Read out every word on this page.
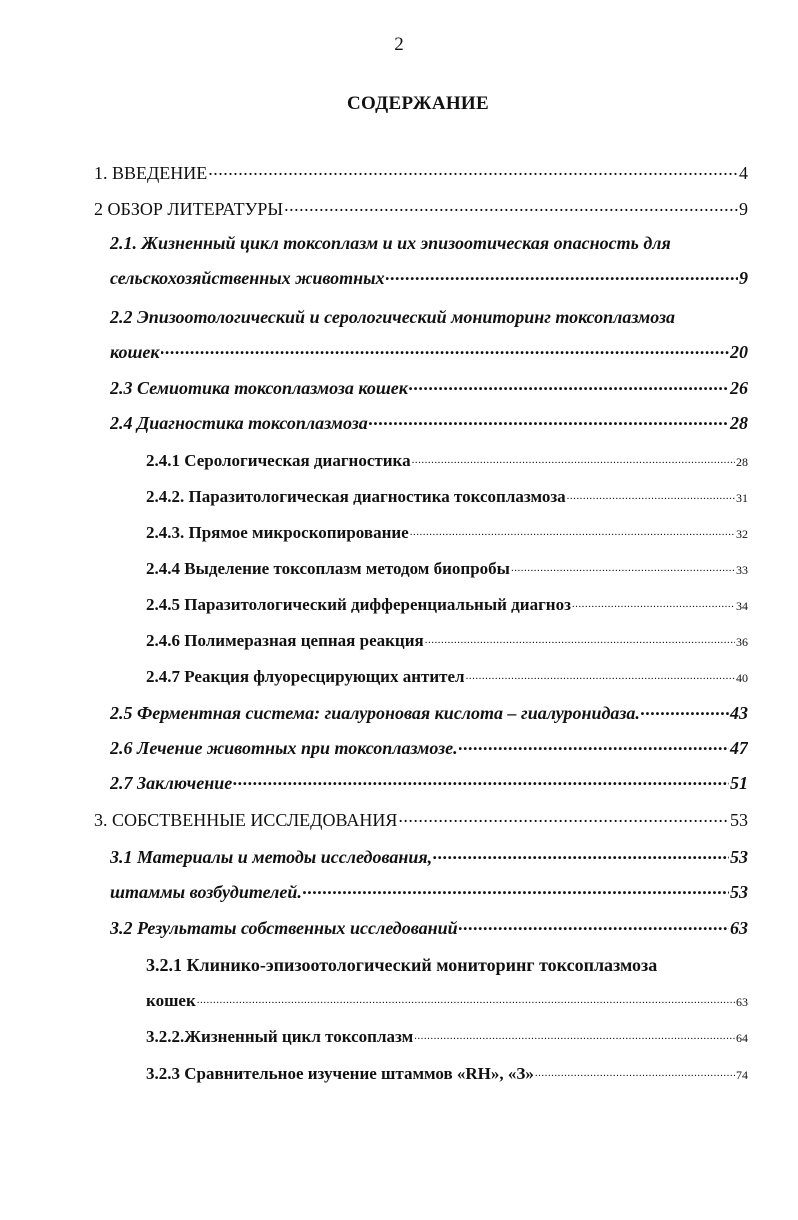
2
СОДЕРЖАНИЕ
1. ВВЕДЕНИЕ .....	4
2 ОБЗОР ЛИТЕРАТУРЫ .....	9
2.1. Жизненный цикл токсоплазм и их эпизоотическая опасность для
сельскохозяйственных животных .....	9
2.2 Эпизоотологический и серологический мониторинг токсоплазмоза
кошек .....	20
2.3 Семиотика токсоплазмоза кошек .....	26
2.4 Диагностика токсоплазмоза .....	28
2.4.1 Серологическая диагностика .....	28
2.4.2. Паразитологическая диагностика токсоплазмоза .....	31
2.4.3. Прямое микроскопирование .....	32
2.4.4 Выделение токсоплазм методом биопробы .....	33
2.4.5 Паразитологический дифференциальный диагноз .....	34
2.4.6 Полимеразная цепная реакция .....	36
2.4.7 Реакция флуоресцирующих антител .....	40
2.5 Ферментная система: гиалуроновая кислота – гиалуронидаза. .....	43
2.6 Лечение животных при токсоплазмозе. .....	47
2.7 Заключение .....	51
3. СОБСТВЕННЫЕ ИССЛЕДОВАНИЯ .....	53
3.1 Материалы и методы исследования, .....	53
штаммы возбудителей. .....	53
3.2 Результаты собственных исследований .....	63
3.2.1 Клинико-эпизоотологический мониторинг токсоплазмоза
кошек .....	63
3.2.2.Жизненный цикл токсоплазм .....	64
3.2.3 Сравнительное изучение штаммов «RH», «З» .....	74
